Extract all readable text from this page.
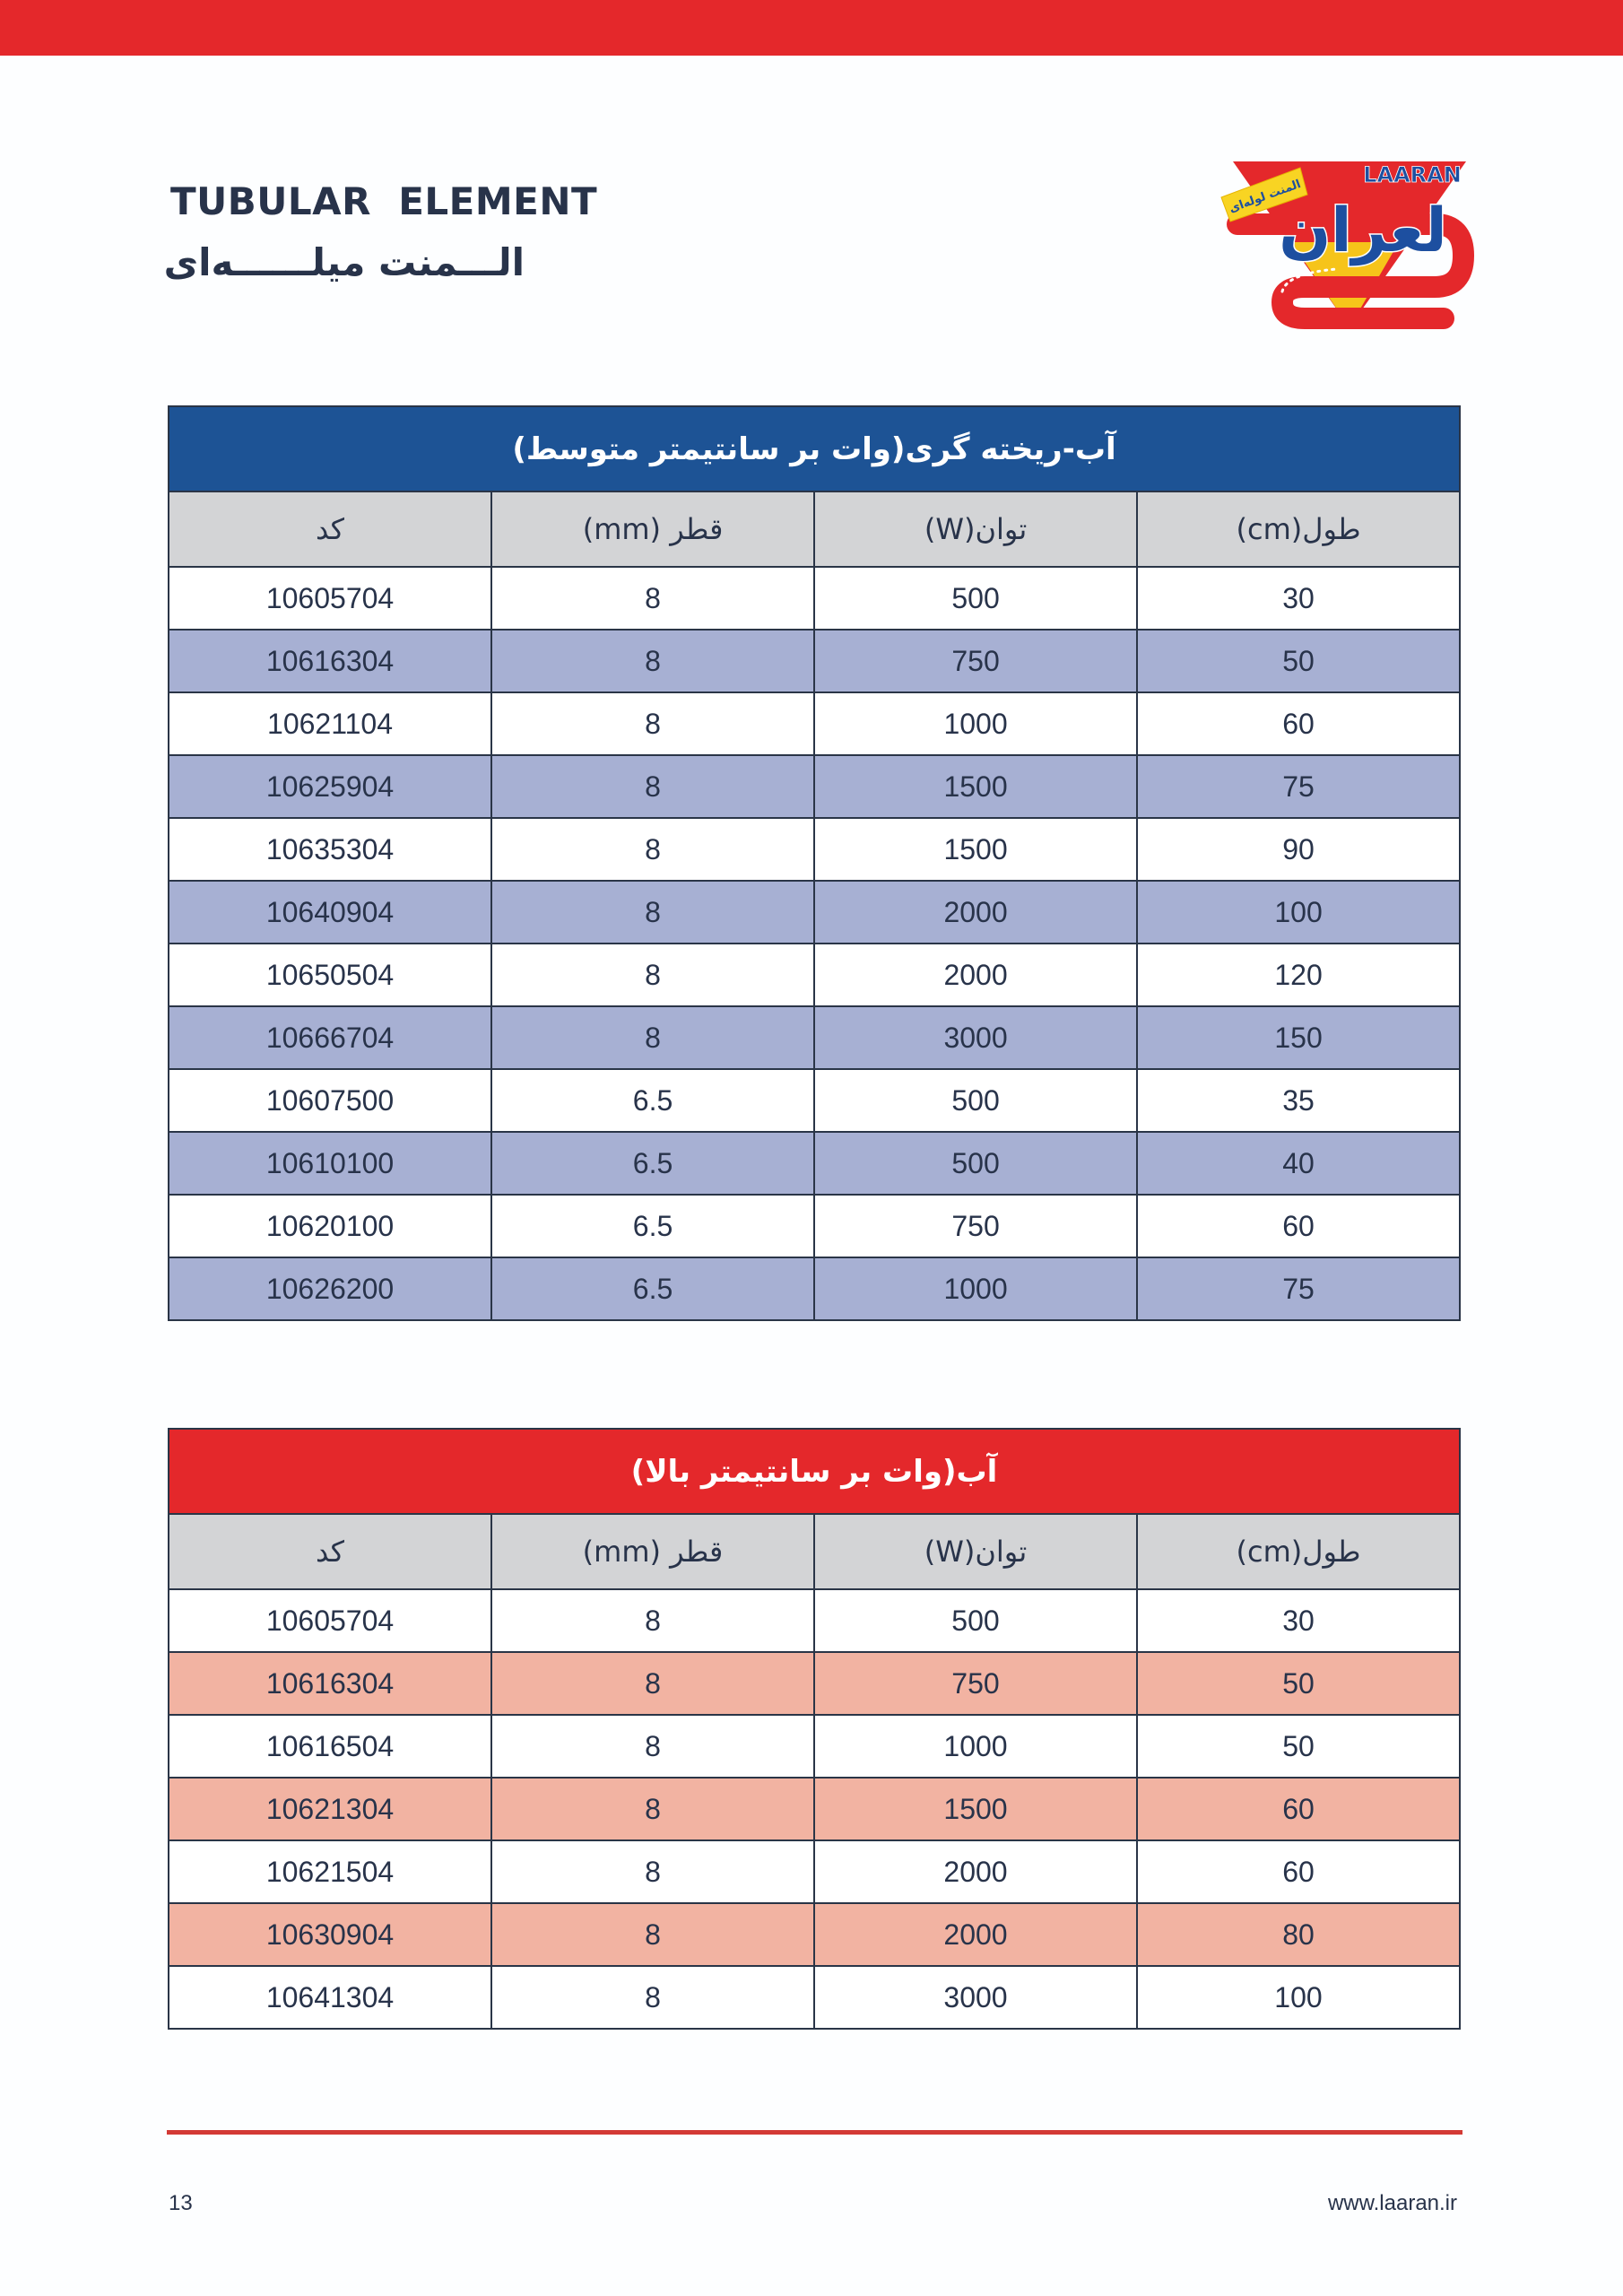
TUBULAR  ELEMENT
الـــمنت میلــــــه‌ای
المنت لوله‌ای
LAARAN
لعران
آب-ریخته گری(وات بر سانتیمتر متوسط)			
طول(cm)	توان(W)	قطر (mm)	کد
30	500	8	10605704
50	750	8	10616304
60	1000	8	10621104
75	1500	8	10625904
90	1500	8	10635304
100	2000	8	10640904
120	2000	8	10650504
150	3000	8	10666704
35	500	6.5	10607500
40	500	6.5	10610100
60	750	6.5	10620100
75	1000	6.5	10626200
آب(وات بر سانتیمتر بالا)			
طول(cm)	توان(W)	قطر (mm)	کد
30	500	8	10605704
50	750	8	10616304
50	1000	8	10616504
60	1500	8	10621304
60	2000	8	10621504
80	2000	8	10630904
100	3000	8	10641304
13	www.laaran.ir
